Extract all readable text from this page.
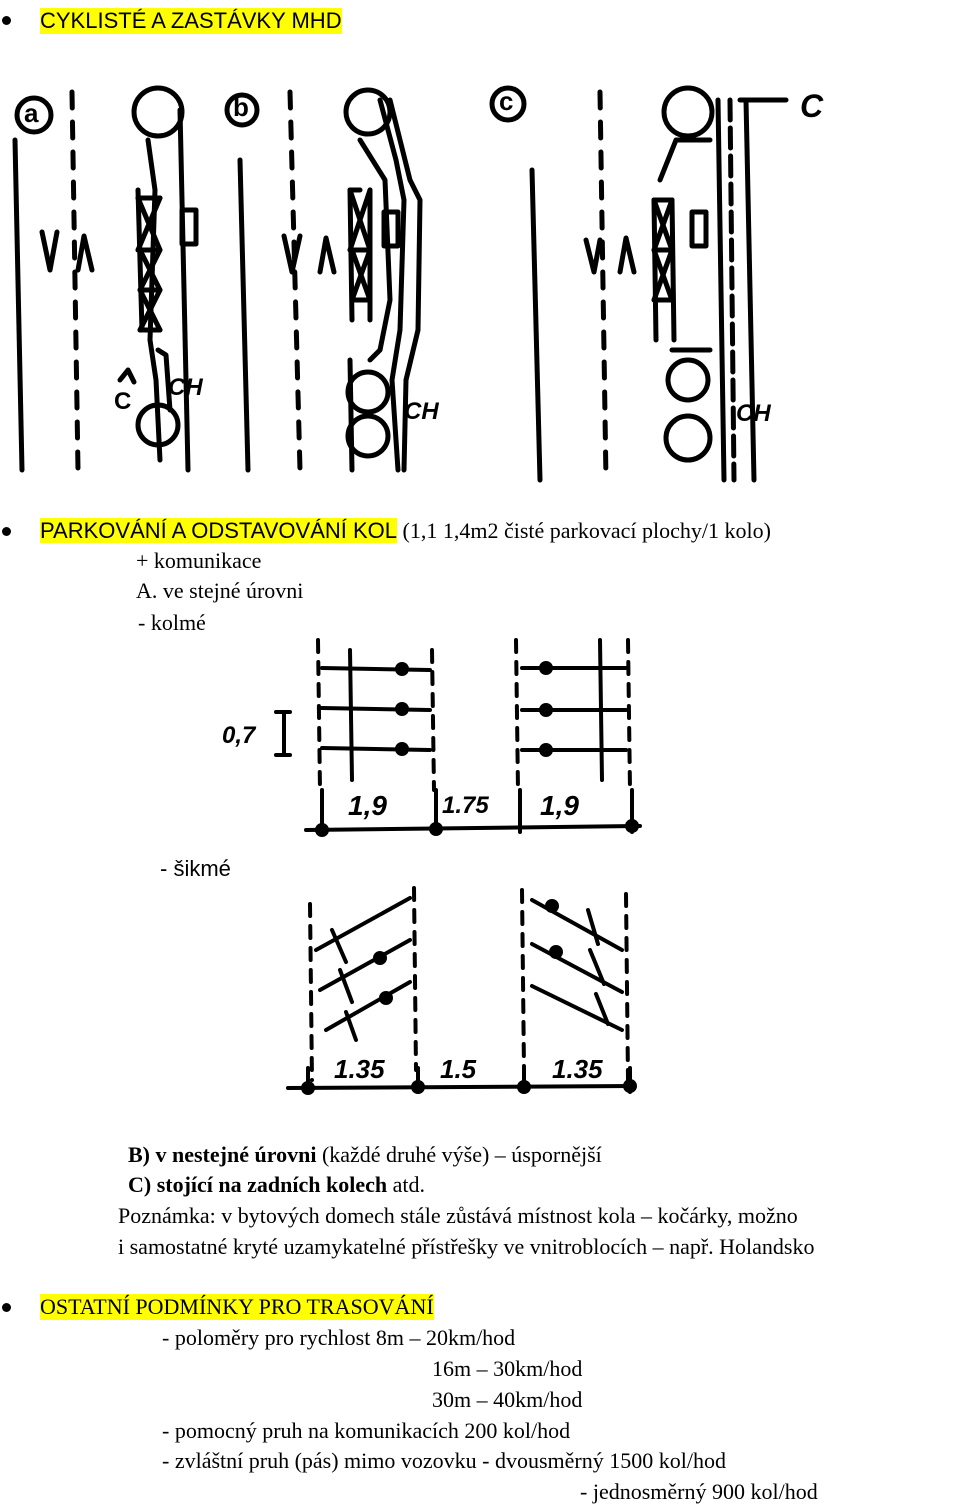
CYKLISTÉ A ZASTÁVKY MHD
a	b	c	C
C
CH
CH	CH
PARKOVÁNÍ A ODSTAVOVÁNÍ KOL (1,1 1,4m2 čisté parkovací plochy/1 kolo)
+ komunikace
A. ve stejné úrovni
- kolmé
0,7
1,9 1.75 1,9
- šikmé
1.35 1.5	1.35
B) v nestejné úrovni (každé druhé výše) – úspornější
C) stojící na zadních kolech atd.
Poznámka: v bytových domech stále zůstává místnost kola – kočárky, možno
i samostatné kryté uzamykatelné přístřešky ve vnitroblocích – např. Holandsko
OSTATNÍ PODMÍNKY PRO TRASOVÁNÍ
- poloměry pro rychlost 8m – 20km/hod
16m – 30km/hod
30m – 40km/hod
- pomocný pruh na komunikacích 200 kol/hod
- zvláštní pruh (pás) mimo vozovku - dvousměrný 1500 kol/hod
- jednosměrný 900 kol/hod
